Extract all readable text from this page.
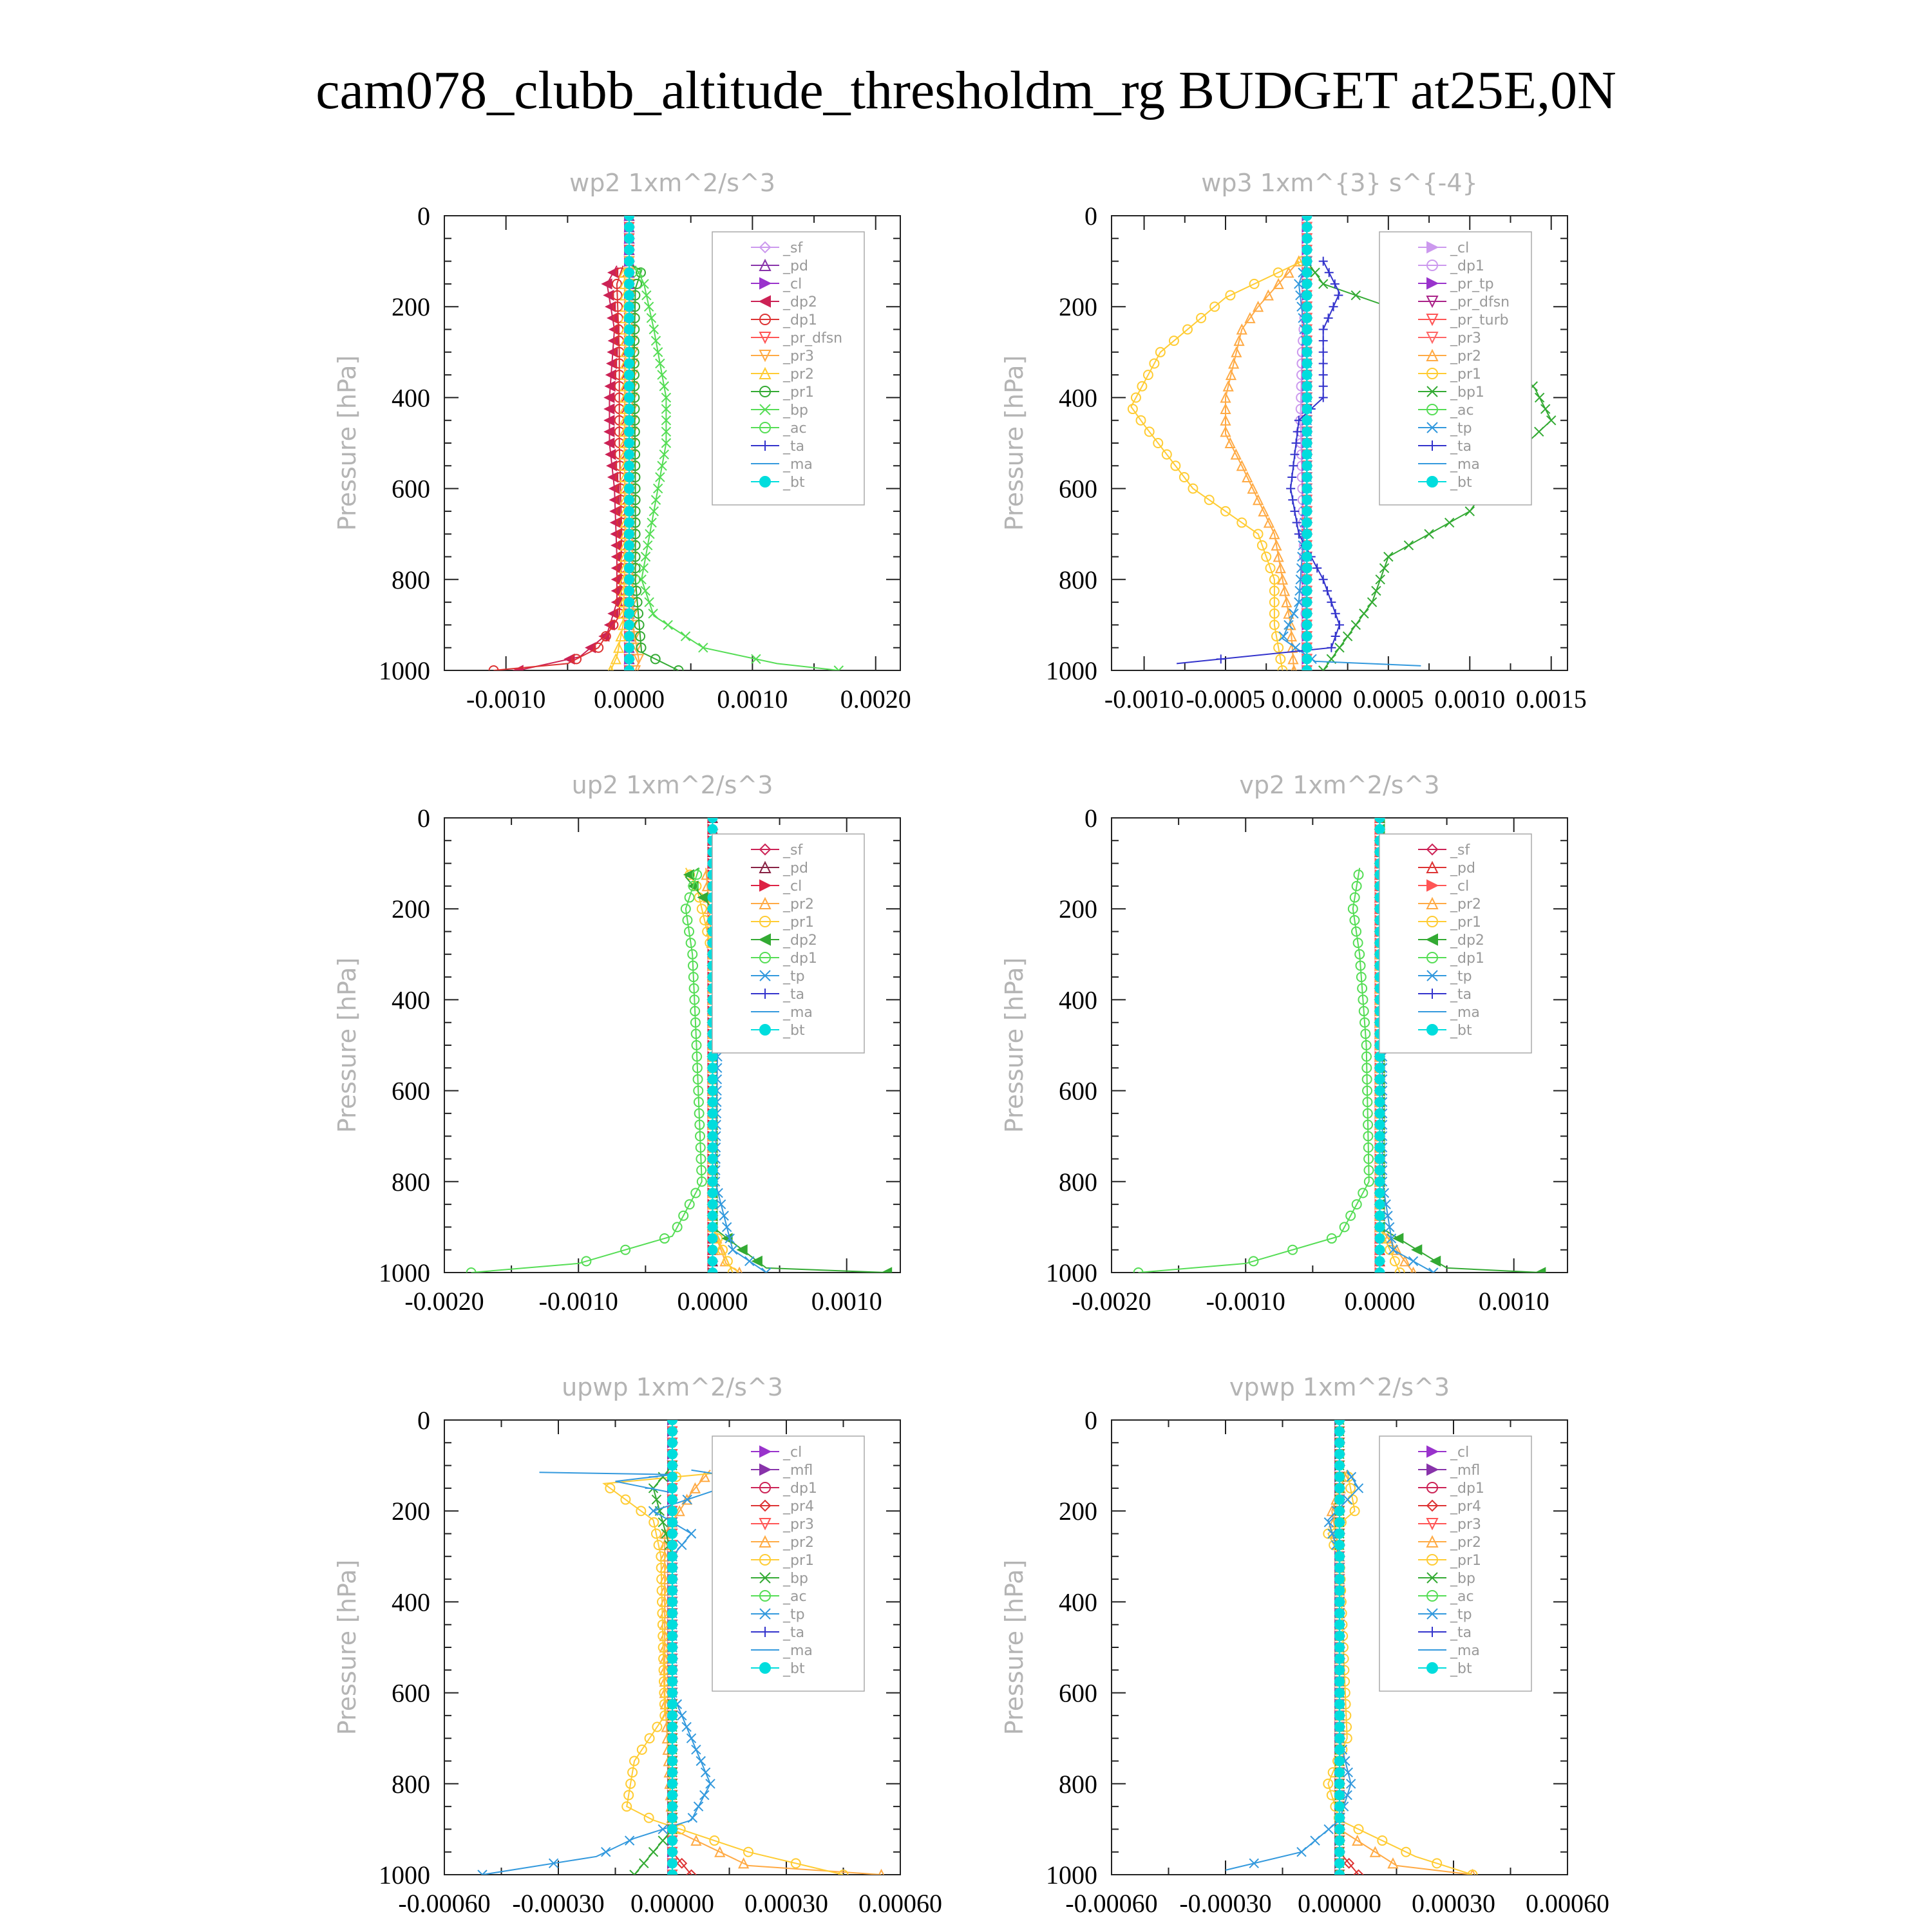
cam078_clubb_altitude_thresholdm_rg BUDGET at25E,0N
wp2 1xm^2/s^3
Pressure [hPa]
0
200
400
600
800
1000
-0.0010 0.0000 0.0010 0.0020
_sf
_pd
_cl
_dp2
_dp1
_pr_dfsn
_pr3
_pr2
_pr1
_bp
_ac
_ta
_ma
_bt
wp3 1xm^{3} s^{-4}
Pressure [hPa]
0
200
400
600
800
1000
-0.0010 -0.0005 0.0000 0.0005 0.0010 0.0015
_cl
_dp1
_pr_tp
_pr_dfsn
_pr_turb
_pr3
_pr2
_pr1
_bp1
_ac
_tp
_ta
_ma
_bt
up2 1xm^2/s^3
Pressure [hPa]
0
200
400
600
800
1000
-0.0020 -0.0010 0.0000 0.0010
_sf
_pd
_cl
_pr2
_pr1
_dp2
_dp1
_tp
_ta
_ma
_bt
vp2 1xm^2/s^3
Pressure [hPa]
0
200
400
600
800
1000
-0.0020 -0.0010 0.0000 0.0010
_sf
_pd
_cl
_pr2
_pr1
_dp2
_dp1
_tp
_ta
_ma
_bt
upwp 1xm^2/s^3
Pressure [hPa]
0
200
400
600
800
1000
-0.00060 -0.00030 0.00000 0.00030 0.00060
_cl
_mfl
_dp1
_pr4
_pr3
_pr2
_pr1
_bp
_ac
_tp
_ta
_ma
_bt
vpwp 1xm^2/s^3
Pressure [hPa]
0
200
400
600
800
1000
-0.00060 -0.00030 0.00000 0.00030 0.00060
_cl
_mfl
_dp1
_pr4
_pr3
_pr2
_pr1
_bp
_ac
_tp
_ta
_ma
_bt
